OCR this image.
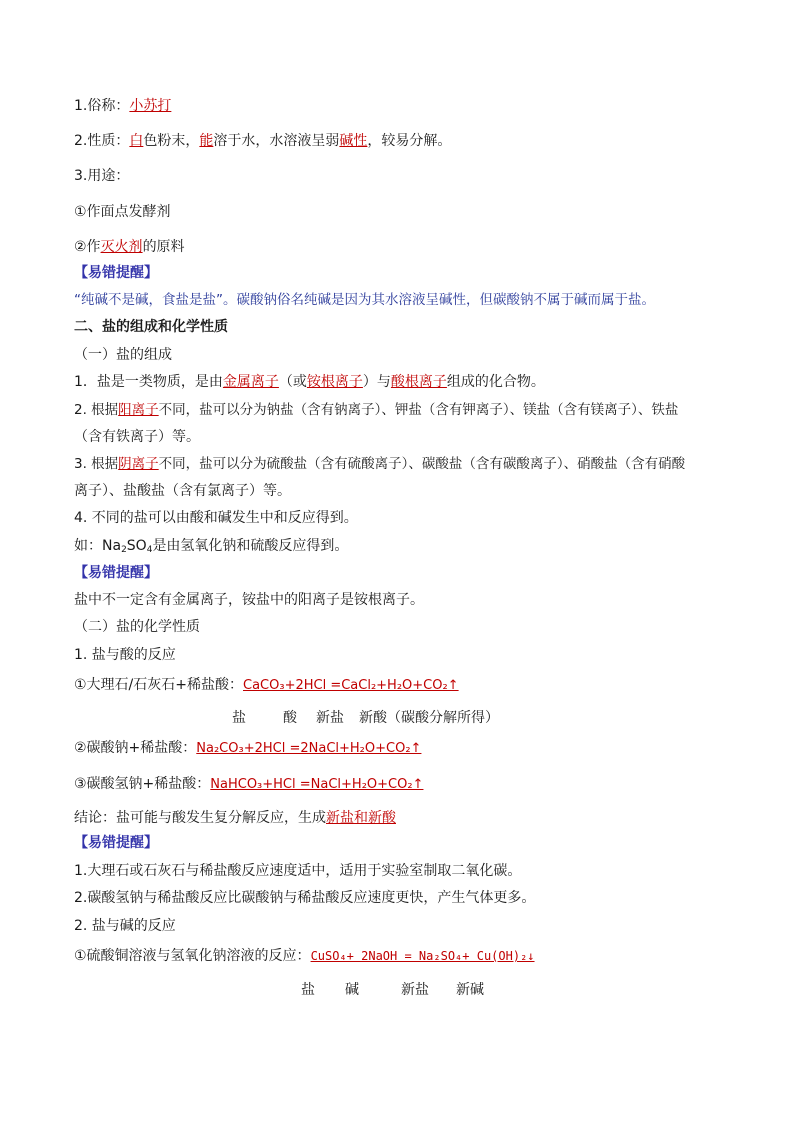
1.俗称：小苏打
2.性质：白色粉末，能溶于水，水溶液呈弱碱性，较易分解。
3.用途：
①作面点发酵剂
②作灭火剂的原料
【易错提醒】
“纯碱不是碱，食盐是盐”。碳酸钠俗名纯碱是因为其水溶液呈碱性，但碳酸钠不属于碱而属于盐。
二、盐的组成和化学性质
（一）盐的组成
1．盐是一类物质，是由金属离子（或铵根离子）与酸根离子组成的化合物。
2. 根据阳离子不同，盐可以分为钠盐（含有钠离子）、钾盐（含有钾离子）、镁盐（含有镁离子）、铁盐
（含有铁离子）等。
3. 根据阴离子不同，盐可以分为硫酸盐（含有硫酸离子）、碳酸盐（含有碳酸离子）、硝酸盐（含有硝酸
离子）、盐酸盐（含有氯离子）等。
4. 不同的盐可以由酸和碱发生中和反应得到。
如：$Na_2SO_4$是由氢氧化钠和硫酸反应得到。
【易错提醒】
盐中不一定含有金属离子，铵盐中的阳离子是铵根离子。
（二）盐的化学性质
1. 盐与酸的反应
①大理石/石灰石+稀盐酸：CaCO₃+2HCl =CaCl₂+H₂O+CO₂↑
盐	酸 新盐 新酸（碳酸分解所得）
②碳酸钠+稀盐酸：Na₂CO₃+2HCl =2NaCl+H₂O+CO₂↑
③碳酸氢钠+稀盐酸：NaHCO₃+HCl =NaCl+H₂O+CO₂↑
结论：盐可能与酸发生复分解反应，生成新盐和新酸
【易错提醒】
1.大理石或石灰石与稀盐酸反应速度适中，适用于实验室制取二氧化碳。
2.碳酸氢钠与稀盐酸反应比碳酸钠与稀盐酸反应速度更快，产生气体更多。
2. 盐与碱的反应
①硫酸铜溶液与氢氧化钠溶液的反应：CuSO₄+ 2NaOH = Na₂SO₄+ Cu(OH)₂↓
盐 碱	新盐 新碱
